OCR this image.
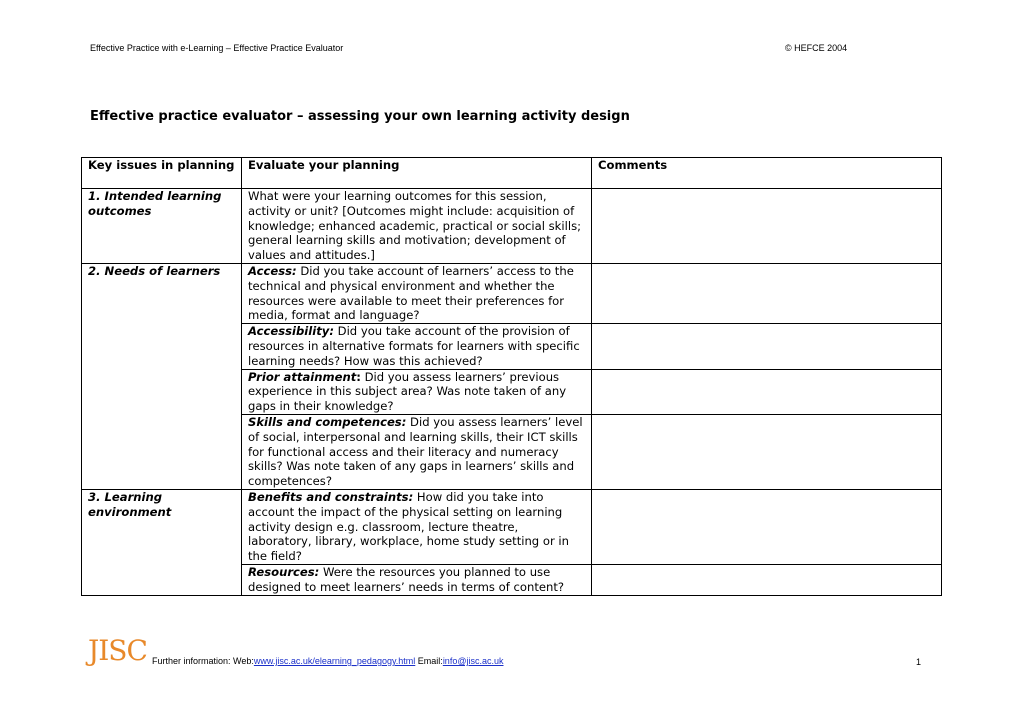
Effective Practice with e-Learning – Effective Practice Evaluator	© HEFCE 2004
Effective practice evaluator – assessing your own learning activity design
Key issues in planning	Evaluate your planning	Comments
1. Intended learning outcomes	What were your learning outcomes for this session, activity or unit? [Outcomes might include: acquisition of knowledge; enhanced academic, practical or social skills; general learning skills and motivation; development of values and attitudes.]	
2. Needs of learners	Access: Did you take account of learners’ access to the technical and physical environment and whether the resources were available to meet their preferences for media, format and language?	
	Accessibility: Did you take account of the provision of resources in alternative formats for learners with specific learning needs? How was this achieved?	
	Prior attainment: Did you assess learners’ previous experience in this subject area? Was note taken of any gaps in their knowledge?	
	Skills and competences: Did you assess learners’ level of social, interpersonal and learning skills, their ICT skills for functional access and their literacy and numeracy skills? Was note taken of any gaps in learners’ skills and competences?	
3. Learning environment	Benefits and constraints: How did you take into account the impact of the physical setting on learning activity design e.g. classroom, lecture theatre, laboratory, library, workplace, home study setting or in the field?	
	Resources: Were the resources you planned to use designed to meet learners’ needs in terms of content?	
JISC Further information: Web:www.jisc.ac.uk/elearning_pedagogy.html Email:info@jisc.ac.uk	1
